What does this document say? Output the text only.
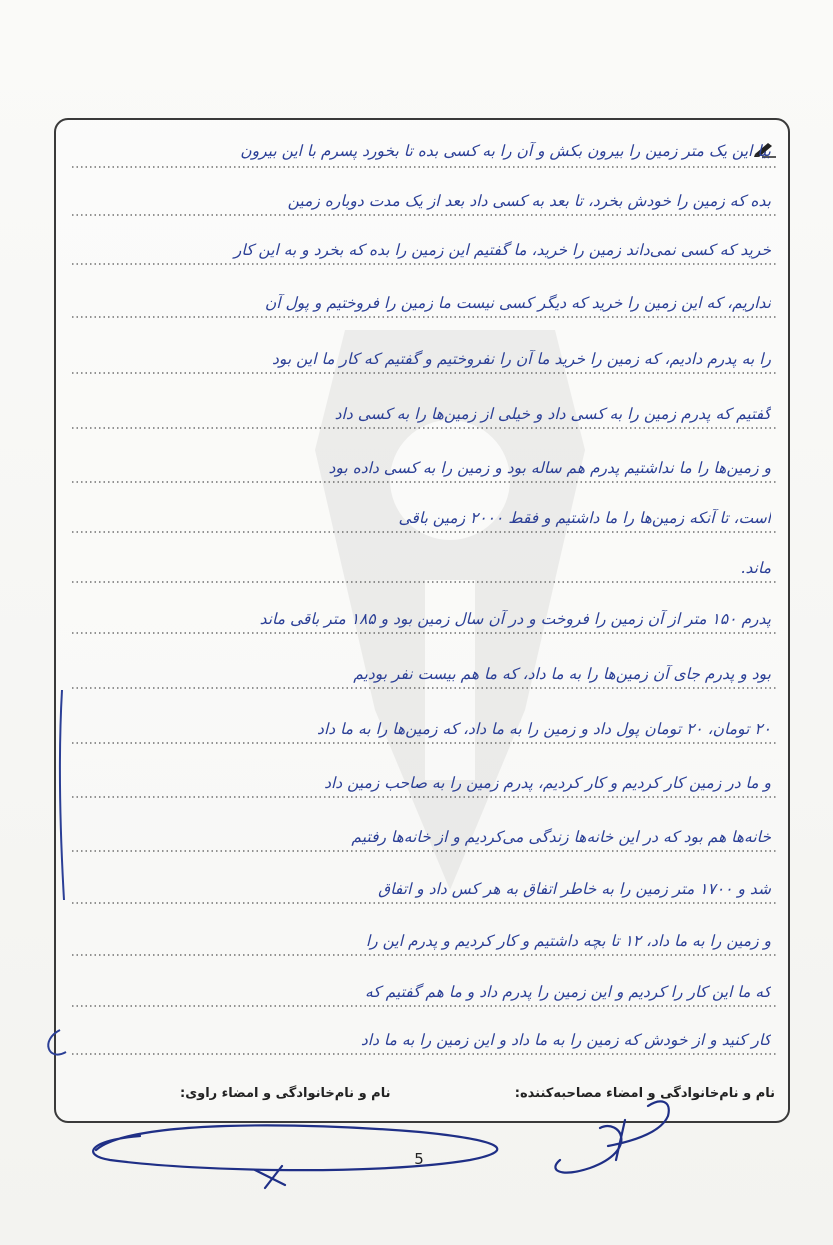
بیا این یک متر زمین را بیرون بکش و آن را به کسی بده تا بخورد پسرم با این بیرون
بده که زمین را خودش بخرد، تا بعد به کسی داد بعد از یک مدت دوباره زمین
خرید که کسی نمی‌داند زمین را خرید، ما گفتیم این زمین را بده که بخرد و به این کار
نداریم، که این زمین را خرید که دیگر کسی نیست ما زمین را فروختیم و پول آن
را به پدرم دادیم، که زمین را خرید ما آن را نفروختیم و گفتیم که کار ما این بود
گفتیم که پدرم زمین را به کسی داد و خیلی از زمین‌ها را به کسی داد
و زمین‌ها را ما نداشتیم پدرم هم ساله بود و زمین را به کسی داده بود
است، تا آنکه زمین‌ها را ما داشتیم و فقط ۲۰۰۰ زمین باقی
ماند.
پدرم ۱۵۰ متر از آن زمین را فروخت و در آن سال زمین بود و ۱۸۵ متر باقی ماند
بود و پدرم جای آن زمین‌ها را به ما داد، که ما هم بیست نفر بودیم
۲۰ تومان، ۲۰ تومان پول داد و زمین را به ما داد، که زمین‌ها را به ما داد
و ما در زمین کار کردیم و کار کردیم، پدرم زمین را به صاحب زمین داد
خانه‌ها هم بود که در این خانه‌ها زندگی می‌کردیم و از خانه‌ها رفتیم
شد و ۱۷۰۰ متر زمین را به خاطر اتفاق به هر کس داد و اتفاق
و زمین را به ما داد، ۱۲ تا بچه داشتیم و کار کردیم و پدرم این را
که ما این کار را کردیم و این زمین را پدرم داد و ما هم گفتیم که
کار کنید و از خودش که زمین را به ما داد و این زمین را به ما داد
نام و نام‌خانوادگی و امضاء مصاحبه‌کننده:
نام و نام‌خانوادگی و امضاء راوی:
5
